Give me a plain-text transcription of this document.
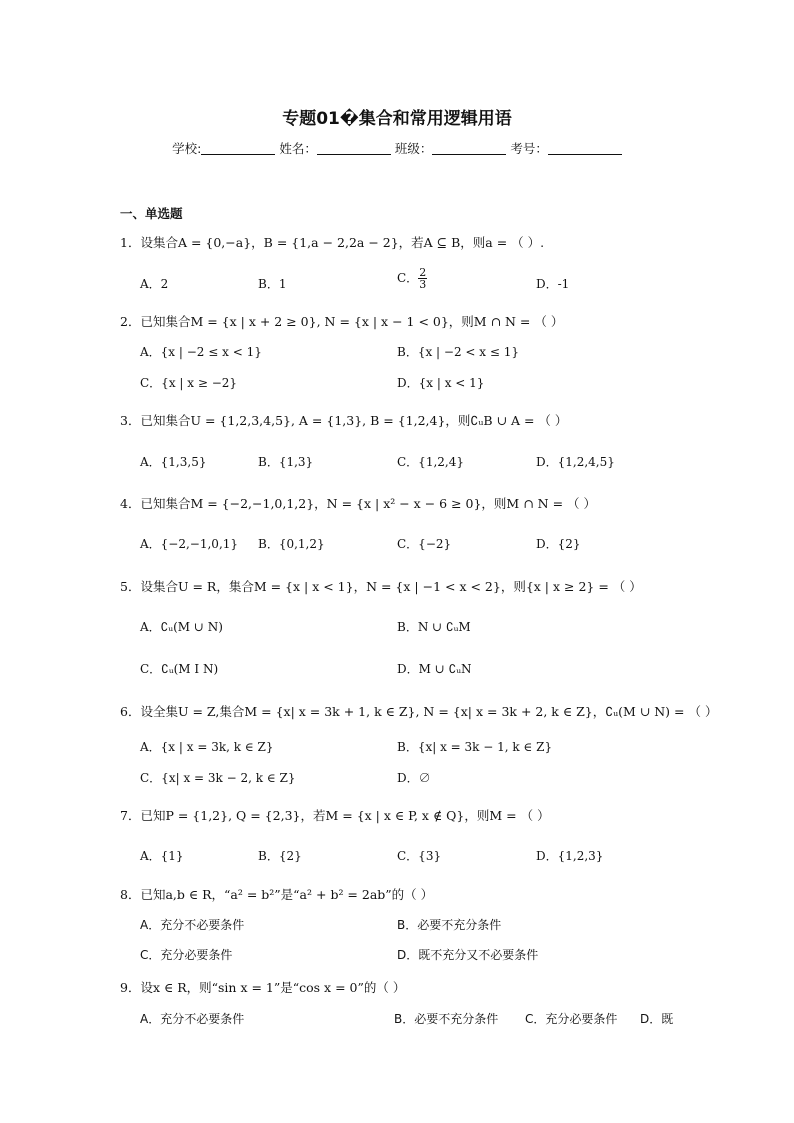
专题01�集合和常用逻辑用语
学校:	姓名：	班级：	考号：
一、单选题
1．设集合A = {0,−a}，B = {1,a − 2,2a − 2}，若A ⊆ B，则a = （ ）.
A．2	B．1	C． $\frac{2}{3}$	D．-1
2．已知集合M = {x | x + 2 ≥ 0}, N = {x | x − 1 < 0}，则M ∩ N = （ ）
A．{x | −2 ≤ x < 1}	B．{x | −2 < x ≤ 1}
C．{x | x ≥ −2}	D．{x | x < 1}
3．已知集合U = {1,2,3,4,5}, A = {1,3}, B = {1,2,4}，则∁ᵤB ∪ A = （ ）
A．{1,3,5}	B．{1,3}	C．{1,2,4}	D．{1,2,4,5}
4．已知集合M = {−2,−1,0,1,2}，N = {x | x² − x − 6 ≥ 0}，则M ∩ N = （ ）
A．{−2,−1,0,1} B．{0,1,2}	C．{−2}	D．{2}
5．设集合U = R，集合M = {x | x < 1}，N = {x | −1 < x < 2}，则{x | x ≥ 2} = （ ）
A．∁ᵤ(M ∪ N)	B．N ∪ ∁ᵤM
C．∁ᵤ(M Ι N)	D．M ∪ ∁ᵤN
6．设全集U = Z,集合M = {x| x = 3k + 1, k ∈ Z}, N = {x| x = 3k + 2, k ∈ Z}，∁ᵤ(M ∪ N) = （ ）
A．{x | x = 3k, k ∈ Z}	B．{x| x = 3k − 1, k ∈ Z}
C．{x| x = 3k − 2, k ∈ Z}	D．∅
7．已知P = {1,2}, Q = {2,3}，若M = {x | x ∈ P, x ∉ Q}，则M = （ ）
A．{1}	B．{2}	C．{3}	D．{1,2,3}
8．已知a,b ∈ R，“a² = b²”是“a² + b² = 2ab”的（ ）
A．充分不必要条件	B．必要不充分条件
C．充分必要条件	D．既不充分又不必要条件
9．设x ∈ R，则“sin x = 1”是“cos x = 0”的（ ）
A．充分不必要条件	B．必要不充分条件 C．充分必要条件 D．既
